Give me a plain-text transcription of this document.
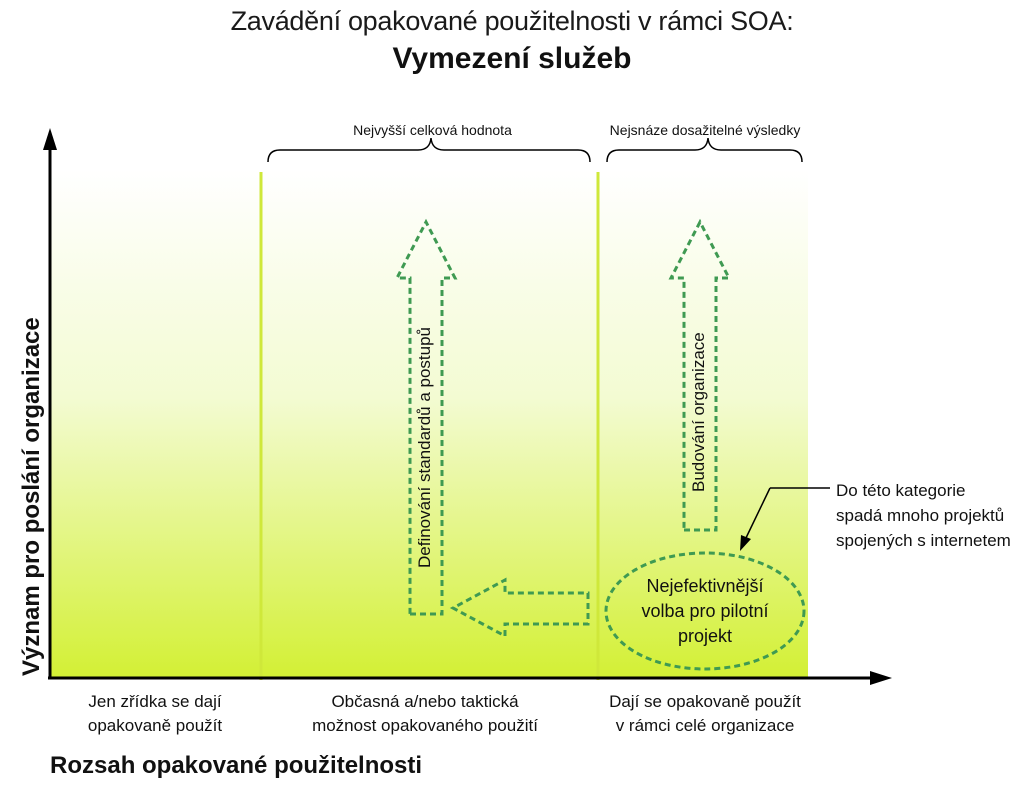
Zavádění opakované použitelnosti v rámci SOA:
Vymezení služeb
Nejvyšší celková hodnota	Nejsnáze dosažitelné výsledky
Definování standardů a postupů	Budování organizace
Nejefektivnější
volba pro pilotní
projekt
Do této kategorie
spadá mnoho projektů
spojených s internetem
Význam pro poslání organizace
Jen zřídka se dají
opakovaně použít
Občasná a/nebo taktická
možnost opakovaného použití
Dají se opakovaně použít
v rámci celé organizace
Rozsah opakované použitelnosti
